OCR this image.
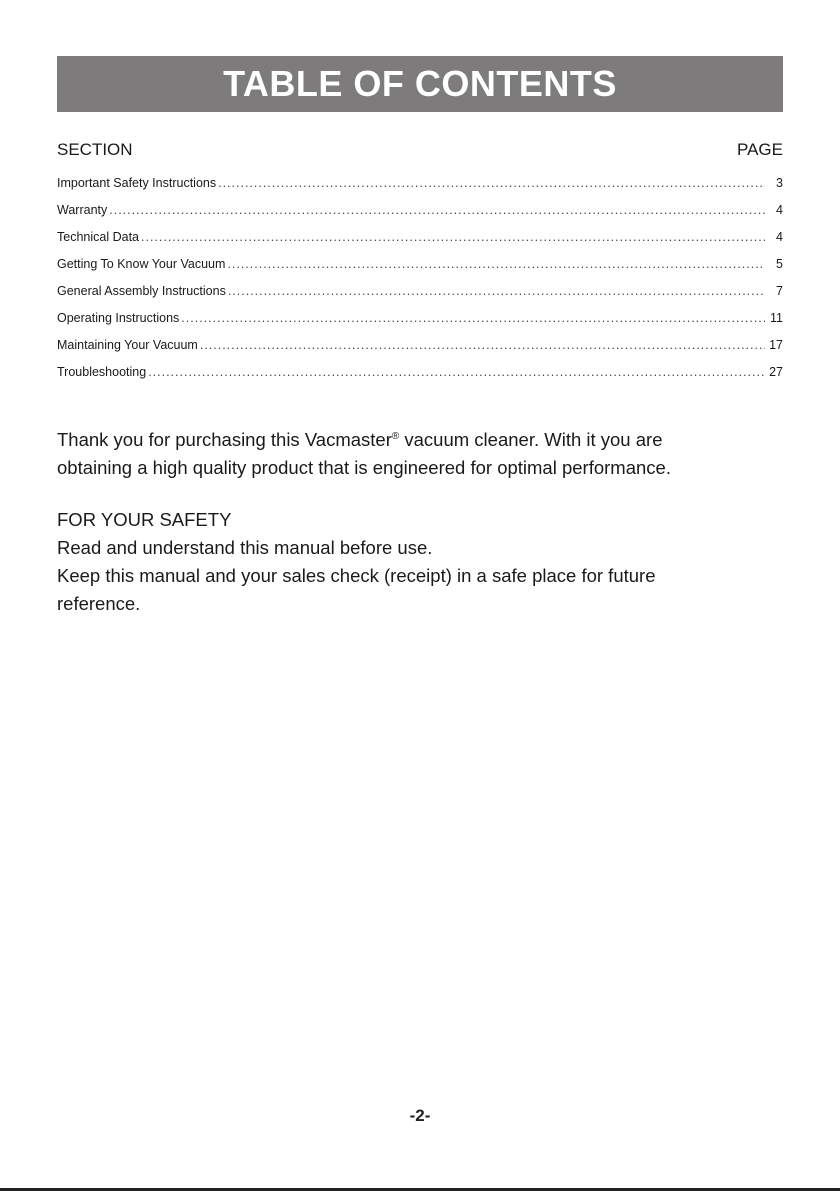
TABLE OF CONTENTS
SECTION	PAGE
Important Safety Instructions .....	3
Warranty .....	4
Technical Data .....	4
Getting To Know Your Vacuum .....	5
General Assembly Instructions .....	7
Operating Instructions .....	11
Maintaining Your Vacuum .....	17
Troubleshooting .....	27

Thank you for purchasing this Vacmaster® vacuum cleaner. With it you are

obtaining a high quality product that is engineered for optimal performance.

FOR YOUR SAFETY

Read and understand this manual before use.

Keep this manual and your sales check (receipt) in a safe place for future

reference.

-2-
